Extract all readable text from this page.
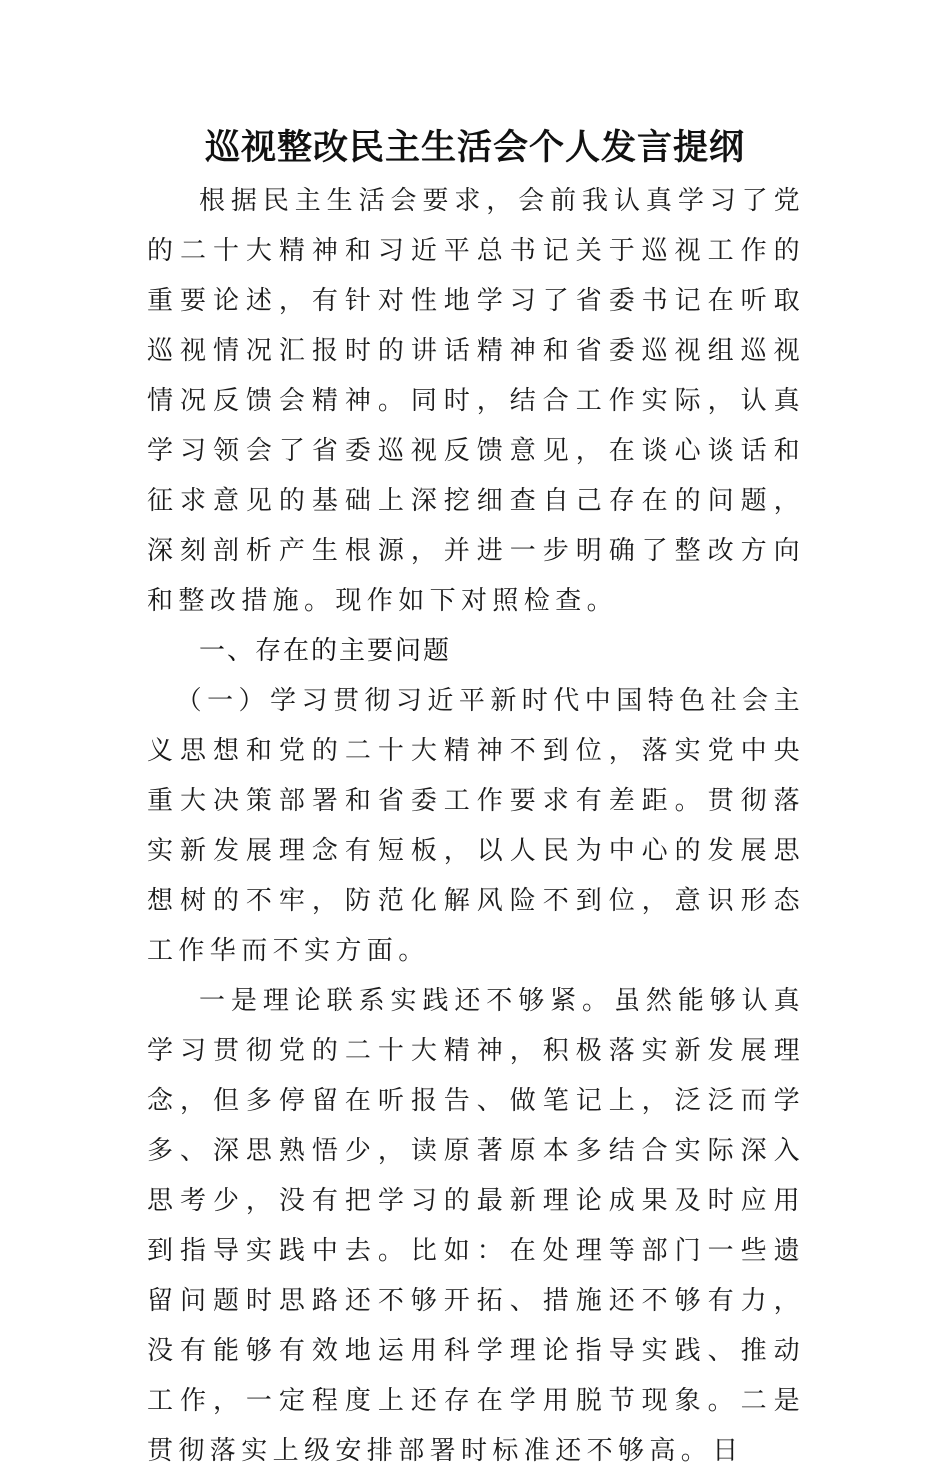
巡视整改民主生活会个人发言提纲

根据民主生活会要求，会前我认真学习了党的二十大精神和习近平总书记关于巡视工作的重要论述，有针对性地学习了省委书记在听取巡视情况汇报时的讲话精神和省委巡视组巡视情况反馈会精神。同时，结合工作实际，认真学习领会了省委巡视反馈意见，在谈心谈话和征求意见的基础上深挖细查自己存在的问题，深刻剖析产生根源，并进一步明确了整改方向和整改措施。现作如下对照检查。

一、存在的主要问题

（一）学习贯彻习近平新时代中国特色社会主义思想和党的二十大精神不到位，落实党中央重大决策部署和省委工作要求有差距。贯彻落实新发展理念有短板，以人民为中心的发展思想树的不牢，防范化解风险不到位，意识形态工作华而不实方面。

一是理论联系实践还不够紧。虽然能够认真学习贯彻党的二十大精神，积极落实新发展理念，但多停留在听报告、做笔记上，泛泛而学多、深思熟悟少，读原著原本多结合实际深入思考少，没有把学习的最新理论成果及时应用到指导实践中去。比如：在处理等部门一些遗留问题时思路还不够开拓、措施还不够有力，没有能够有效地运用科学理论指导实践、推动工作，一定程度上还存在学用脱节现象。二是贯彻落实上级安排部署时标准还不够高。日
